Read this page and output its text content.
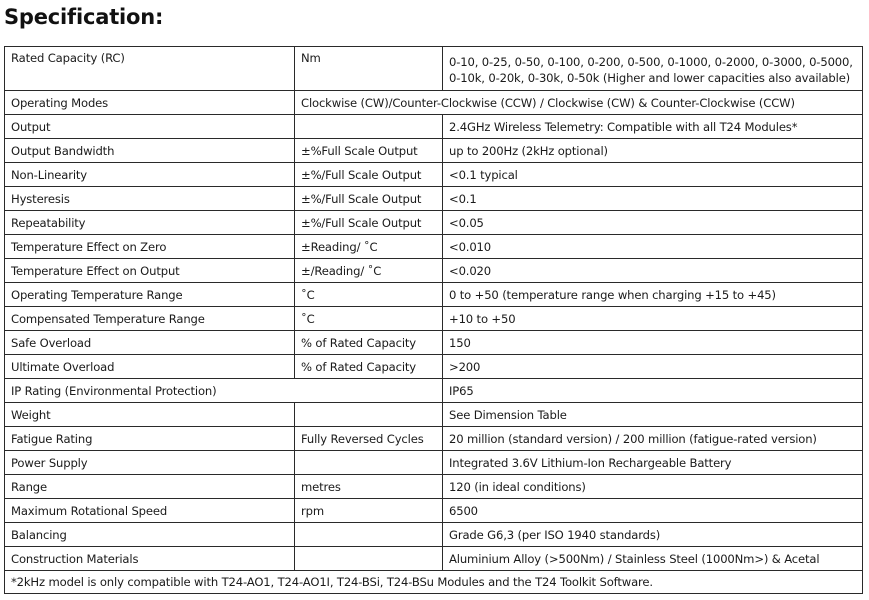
Specification:
Rated Capacity (RC)	Nm	0-10, 0-25, 0-50, 0-100, 0-200, 0-500, 0-1000, 0-2000, 0-3000, 0-5000,
0-10k, 0-20k, 0-30k, 0-50k (Higher and lower capacities also available)

Operating Modes	Clockwise (CW)/Counter-Clockwise (CCW) / Clockwise (CW) & Counter-Clockwise (CCW)	
Output		2.4GHz Wireless Telemetry: Compatible with all T24 Modules*
Output Bandwidth	±%Full Scale Output	up to 200Hz (2kHz optional)
Non-Linearity	±%/Full Scale Output	<0.1 typical
Hysteresis	±%/Full Scale Output	<0.1
Repeatability	±%/Full Scale Output	<0.05
Temperature Effect on Zero	±Reading/ ˚C	<0.010
Temperature Effect on Output	±/Reading/ ˚C	<0.020
Operating Temperature Range	˚C	0 to +50 (temperature range when charging +15 to +45)
Compensated Temperature Range	˚C	+10 to +50
Safe Overload	% of Rated Capacity	150
Ultimate Overload	% of Rated Capacity	>200
IP Rating (Environmental Protection)		IP65
Weight		See Dimension Table
Fatigue Rating	Fully Reversed Cycles	20 million (standard version) / 200 million (fatigue-rated version)
Power Supply		Integrated 3.6V Lithium-Ion Rechargeable Battery
Range	metres	120 (in ideal conditions)
Maximum Rotational Speed	rpm	6500
Balancing		Grade G6,3 (per ISO 1940 standards)
Construction Materials		Aluminium Alloy (>500Nm) / Stainless Steel (1000Nm>) & Acetal
*2kHz model is only compatible with T24-AO1, T24-AO1I, T24-BSi, T24-BSu Modules and the T24 Toolkit Software.		
